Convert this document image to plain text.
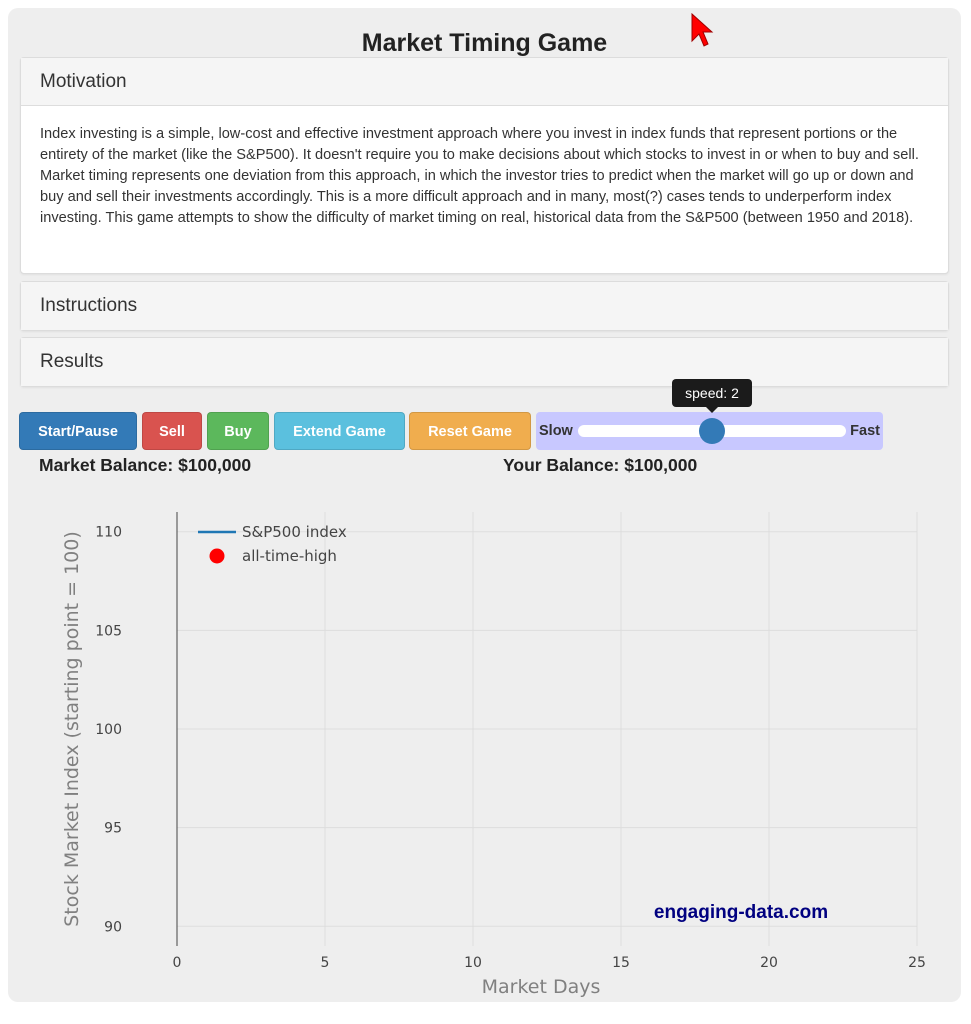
Market Timing Game
Motivation
Index investing is a simple, low-cost and effective investment approach where you invest in index funds that represent portions or the entirety of the market (like the S&P500). It doesn't require you to make decisions about which stocks to invest in or when to buy and sell. Market timing represents one deviation from this approach, in which the investor tries to predict when the market will go up or down and buy and sell their investments accordingly. This is a more difficult approach and in many, most(?) cases tends to underperform index investing. This game attempts to show the difficulty of market timing on real, historical data from the S&P500 (between 1950 and 2018).
Instructions
Results
Start/Pause	Sell	Buy	Extend Game	Reset Game	Slow
speed: 2
Fast
Market Balance: $100,000	Your Balance: $100,000
90
95
100
105
110
0	5	10	15	20	25
Stock Market Index (starting point = 100)
Market Days
S&P500 index
all-time-high
engaging-data.com
